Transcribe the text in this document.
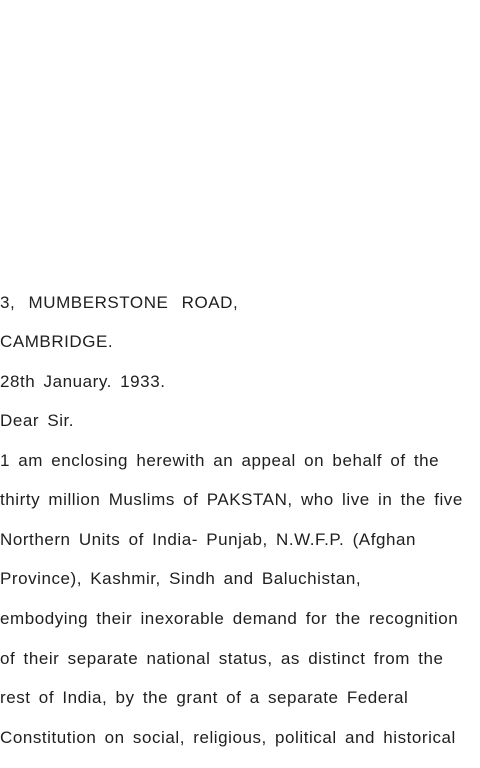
3, MUMBERSTONE ROAD,
CAMBRIDGE.
28th January. 1933.
Dear Sir.
1 am enclosing herewith an appeal on behalf of the
thirty million Muslims of PAKSTAN, who live in the five
Northern Units of India- Punjab, N.W.F.P. (Afghan
Province), Kashmir, Sindh and Baluchistan,
embodying their inexorable demand for the recognition
of their separate national status, as distinct from the
rest of India, by the grant of a separate Federal
Constitution on social, religious, political and historical
